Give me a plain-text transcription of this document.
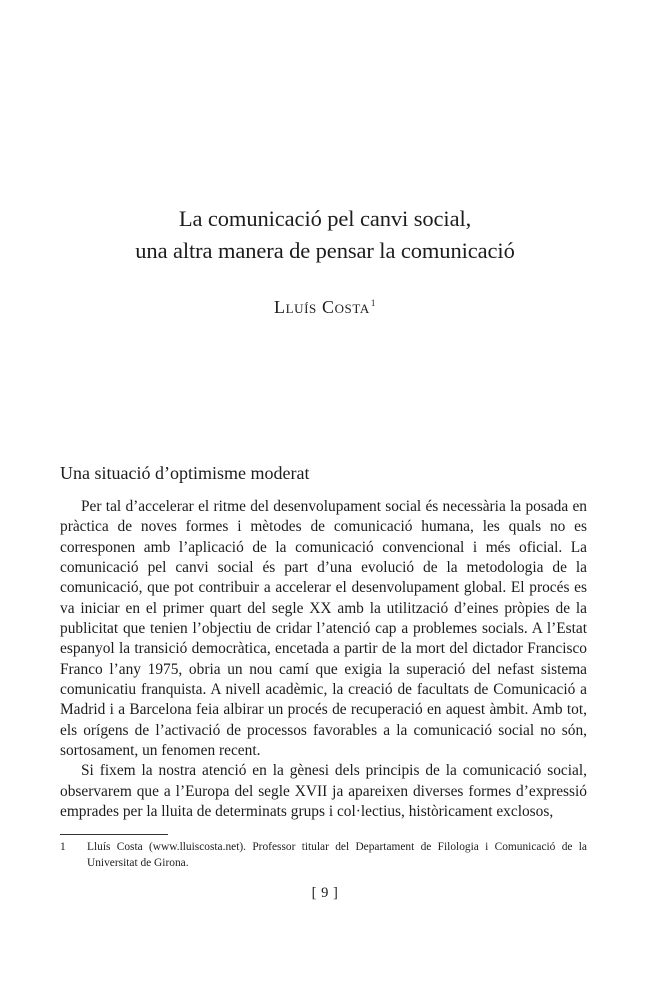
La comunicació pel canvi social,
una altra manera de pensar la comunicació
Lluís Costa$^1$
Una situació d’optimisme moderat

Per tal d’accelerar el ritme del desenvolupament social és necessària la posada en pràctica de noves formes i mètodes de comunicació humana, les quals no es corresponen amb l’aplicació de la comunicació convencional i més oficial. La comunicació pel canvi social és part d’una evolució de la metodologia de la comunicació, que pot contribuir a accelerar el desenvolupament global. El procés es va iniciar en el primer quart del segle XX amb la utilització d’eines pròpies de la publicitat que tenien l’objectiu de cridar l’atenció cap a problemes socials. A l’Estat espanyol la transició democràtica, encetada a partir de la mort del dictador Francisco Franco l’any 1975, obria un nou camí que exigia la superació del nefast sistema comunicatiu franquista. A nivell acadèmic, la creació de facultats de Comunicació a Madrid i a Barcelona feia albirar un procés de recuperació en aquest àmbit. Amb tot, els orígens de l’activació de processos favorables a la comunicació social no són, sortosament, un fenomen recent.

Si fixem la nostra atenció en la gènesi dels principis de la comunicació social, observarem que a l’Europa del segle XVII ja apareixen diverses formes d’expressió emprades per la lluita de determinats grups i col·lectius, històricament exclosos,

1	Lluís Costa (www.lluiscosta.net). Professor titular del Departament de Filologia i Comunicació de la Universitat de Girona.
[ 9 ]
